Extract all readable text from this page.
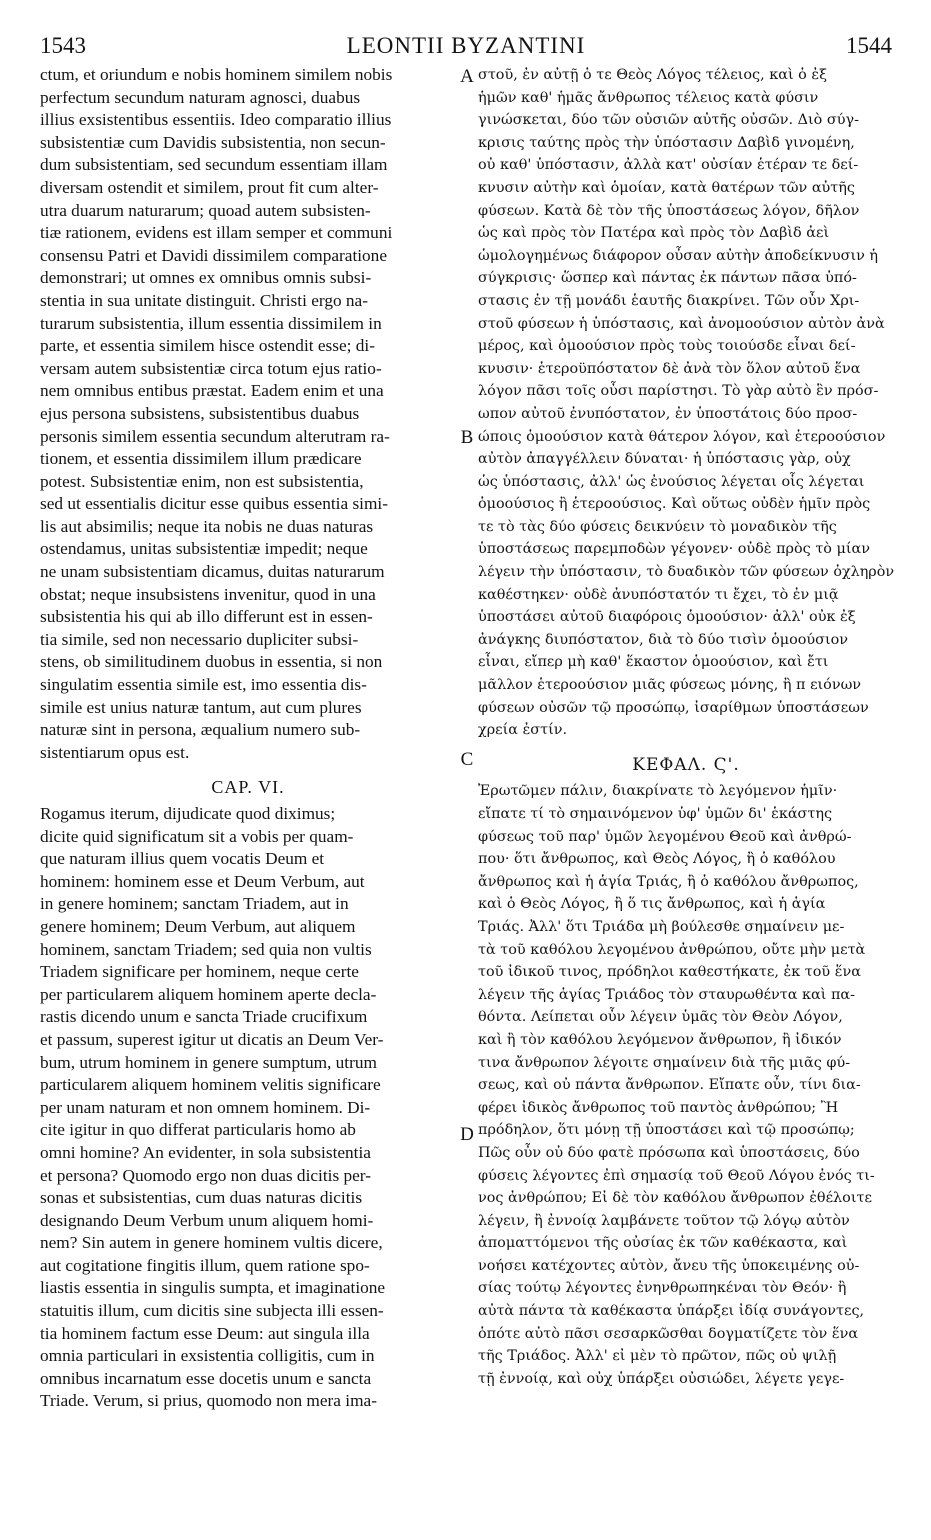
1543	LEONTII BYZANTINI	1544
ctum, et oriundum e nobis hominem similem nobis
perfectum secundum naturam agnosci, duabus
illius exsistentibus essentiis. Ideo comparatio illius
subsistentiæ cum Davidis subsistentia, non secun-
dum subsistentiam, sed secundum essentiam illam
diversam ostendit et similem, prout fit cum alter-
utra duarum naturarum; quoad autem subsisten-
tiæ rationem, evidens est illam semper et communi
consensu Patri et Davidi dissimilem comparatione
demonstrari; ut omnes ex omnibus omnis subsi-
stentia in sua unitate distinguit. Christi ergo na-
turarum subsistentia, illum essentia dissimilem in
parte, et essentia similem hisce ostendit esse; di-
versam autem subsistentiæ circa totum ejus ratio-
nem omnibus entibus præstat. Eadem enim et una
ejus persona subsistens, subsistentibus duabus
personis similem essentia secundum alterutram ra-
tionem, et essentia dissimilem illum prædicare
potest. Subsistentiæ enim, non est subsistentia,
sed ut essentialis dicitur esse quibus essentia simi-
lis aut absimilis; neque ita nobis ne duas naturas
ostendamus, unitas subsistentiæ impedit; neque
ne unam subsistentiam dicamus, duitas naturarum
obstat; neque insubsistens invenitur, quod in una
subsistentia his qui ab illo differunt est in essen-
tia simile, sed non necessario dupliciter subsi-
stens, ob similitudinem duobus in essentia, si non
singulatim essentia simile est, imo essentia dis-
simile est unius naturæ tantum, aut cum plures
naturæ sint in persona, æqualium numero sub-
sistentiarum opus est.
CAP. VI.
Rogamus iterum, dijudicate quod diximus;
dicite quid significatum sit a vobis per quam-
que naturam illius quem vocatis Deum et
hominem: hominem esse et Deum Verbum, aut
in genere hominem; sanctam Triadem, aut in
genere hominem; Deum Verbum, aut aliquem
hominem, sanctam Triadem; sed quia non vultis
Triadem significare per hominem, neque certe
per particularem aliquem hominem aperte decla-
rastis dicendo unum e sancta Triade crucifixum
et passum, superest igitur ut dicatis an Deum Ver-
bum, utrum hominem in genere sumptum, utrum
particularem aliquem hominem velitis significare
per unam naturam et non omnem hominem. Di-
cite igitur in quo differat particularis homo ab
omni homine? An evidenter, in sola subsistentia
et persona? Quomodo ergo non duas dicitis per-
sonas et subsistentias, cum duas naturas dicitis
designando Deum Verbum unum aliquem homi-
nem? Sin autem in genere hominem vultis dicere,
aut cogitatione fingitis illum, quem ratione spo-
liastis essentia in singulis sumpta, et imaginatione
statuitis illum, cum dicitis sine subjecta illi essen-
tia hominem factum esse Deum: aut singula illa
omnia particulari in exsistentia colligitis, cum in
omnibus incarnatum esse docetis unum e sancta
Triade. Verum, si prius, quomodo non mera ima-
στοῦ, ἐν αὐτῇ ὁ τε Θεὸς Λόγος τέλειος, καὶ ὁ ἐξ
ἡμῶν καθ' ἡμᾶς ἄνθρωπος τέλειος κατὰ φύσιν
γινώσκεται, δύο τῶν οὐσιῶν αὐτῆς οὐσῶν. Διὸ σύγ-
κρισις ταύτης πρὸς τὴν ὑπόστασιν Δαβὶδ γινομένη,
οὐ καθ' ὑπόστασιν, ἀλλὰ κατ' οὐσίαν ἑτέραν τε δεί-
κνυσιν αὐτὴν καὶ ὁμοίαν, κατὰ θατέρων τῶν αὐτῆς
φύσεων. Κατὰ δὲ τὸν τῆς ὑποστάσεως λόγον, δῆλον
ὡς καὶ πρὸς τὸν Πατέρα καὶ πρὸς τὸν Δαβὶδ ἀεὶ
ὡμολογημένως διάφορον οὖσαν αὐτὴν ἀποδείκνυσιν ἡ
σύγκρισις· ὥσπερ καὶ πάντας ἐκ πάντων πᾶσα ὑπό-
στασις ἐν τῇ μονάδι ἑαυτῆς διακρίνει. Τῶν οὖν Χρι-
στοῦ φύσεων ἡ ὑπόστασις, καὶ ἀνομοούσιον αὐτὸν ἀνὰ
μέρος, καὶ ὁμοούσιον πρὸς τοὺς τοιούσδε εἶναι δεί-
κνυσιν· ἑτεροϋπόστατον δὲ ἀνὰ τὸν ὅλον αὐτοῦ ἕνα
λόγον πᾶσι τοῖς οὖσι παρίστησι. Τὸ γὰρ αὐτὸ ἓν πρόσ-
ωπον αὐτοῦ ἐνυπόστατον, ἐν ὑποστάτοις δύο προσ-
ώποις ὁμοούσιον κατὰ θάτερον λόγον, καὶ ἑτεροούσιον
αὐτὸν ἀπαγγέλλειν δύναται· ἡ ὑπόστασις γὰρ, οὐχ
ὡς ὑπόστασις, ἀλλ' ὡς ἐνούσιος λέγεται οἷς λέγεται
ὁμοούσιος ἢ ἑτεροούσιος. Καὶ οὕτως οὐδὲν ἡμῖν πρὸς
τε τὸ τὰς δύο φύσεις δεικνύειν τὸ μοναδικὸν τῆς
ὑποστάσεως παρεμποδὼν γέγονεν· οὐδὲ πρὸς τὸ μίαν
λέγειν τὴν ὑπόστασιν, τὸ δυαδικὸν τῶν φύσεων ὀχληρὸν
καθέστηκεν· οὐδὲ ἀνυπόστατόν τι ἔχει, τὸ ἐν μιᾷ
ὑποστάσει αὐτοῦ διαφόροις ὁμοούσιον· ἀλλ' οὐκ ἐξ
ἀνάγκης διυπόστατον, διὰ τὸ δύο τισὶν ὁμοούσιον
εἶναι, εἴπερ μὴ καθ' ἕκαστον ὁμοούσιον, καὶ ἔτι
μᾶλλον ἑτεροούσιον μιᾶς φύσεως μόνης, ἢ π ειόνων
φύσεων οὐσῶν τῷ προσώπῳ, ἰσαρίθμων ὑποστάσεων
χρεία ἐστίν.
ΚΕΦΑΛ. Ϛ'.
Ἐρωτῶμεν πάλιν, διακρίνατε τὸ λεγόμενον ἡμῖν·
εἴπατε τί τὸ σημαινόμενον ὑφ' ὑμῶν δι' ἑκάστης
φύσεως τοῦ παρ' ὑμῶν λεγομένου Θεοῦ καὶ ἀνθρώ-
που· ὅτι ἄνθρωπος, καὶ Θεὸς Λόγος, ἢ ὁ καθόλου
ἄνθρωπος καὶ ἡ ἁγία Τριάς, ἢ ὁ καθόλου ἄνθρωπος,
καὶ ὁ Θεὸς Λόγος, ἢ ὅ τις ἄνθρωπος, καὶ ἡ ἁγία
Τριάς. Ἀλλ' ὅτι Τριάδα μὴ βούλεσθε σημαίνειν με-
τὰ τοῦ καθόλου λεγομένου ἀνθρώπου, οὔτε μὴν μετὰ
τοῦ ἰδικοῦ τινος, πρόδηλοι καθεστήκατε, ἐκ τοῦ ἕνα
λέγειν τῆς ἁγίας Τριάδος τὸν σταυρωθέντα καὶ πα-
θόντα. Λείπεται οὖν λέγειν ὑμᾶς τὸν Θεὸν Λόγον,
καὶ ἢ τὸν καθόλου λεγόμενον ἄνθρωπον, ἢ ἰδικόν
τινα ἄνθρωπον λέγοιτε σημαίνειν διὰ τῆς μιᾶς φύ-
σεως, καὶ οὐ πάντα ἄνθρωπον. Εἴπατε οὖν, τίνι δια-
φέρει ἰδικὸς ἄνθρωπος τοῦ παντὸς ἀνθρώπου; Ἢ
πρόδηλον, ὅτι μόνῃ τῇ ὑποστάσει καὶ τῷ προσώπῳ;
Πῶς οὖν οὐ δύο φατὲ πρόσωπα καὶ ὑποστάσεις, δύο
φύσεις λέγοντες ἐπὶ σημασίᾳ τοῦ Θεοῦ Λόγου ἑνός τι-
νος ἀνθρώπου; Εἰ δὲ τὸν καθόλου ἄνθρωπον ἐθέλοιτε
λέγειν, ἢ ἐννοίᾳ λαμβάνετε τοῦτον τῷ λόγῳ αὐτὸν
ἀποματτόμενοι τῆς οὐσίας ἐκ τῶν καθέκαστα, καὶ
νοήσει κατέχοντες αὐτὸν, ἄνευ τῆς ὑποκειμένης οὐ-
σίας τούτῳ λέγοντες ἐνηνθρωπηκέναι τὸν Θεόν· ἢ
αὐτὰ πάντα τὰ καθέκαστα ὑπάρξει ἰδίᾳ συνάγοντες,
ὁπότε αὐτὸ πᾶσι σεσαρκῶσθαι δογματίζετε τὸν ἕνα
τῆς Τριάδος. Ἀλλ' εἰ μὲν τὸ πρῶτον, πῶς οὐ ψιλῇ
τῇ ἐννοίᾳ, καὶ οὐχ ὑπάρξει οὐσιώδει, λέγετε γεγε-
A
B
C
D
